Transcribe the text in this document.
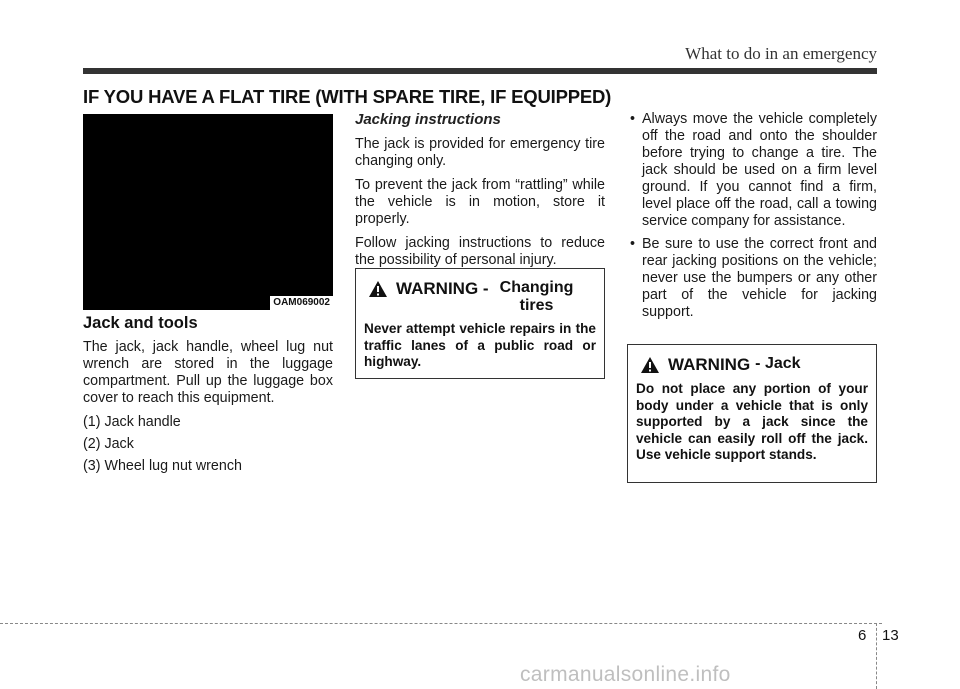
What to do in an emergency
IF YOU HAVE A FLAT TIRE (WITH SPARE TIRE, IF EQUIPPED)
OAM069002
Jack and tools

The jack, jack handle, wheel lug nut wrench are stored in the luggage compartment. Pull up the luggage box cover to reach this equipment.

(1) Jack handle
(2) Jack
(3) Wheel lug nut wrench
Jacking instructions

The jack is provided for emergency tire changing only.

To prevent the jack from “rattling” while the vehicle is in motion, store it properly.

Follow jacking instructions to reduce the possibility of personal injury.

WARNING - Changing tires
Never attempt vehicle repairs in the traffic lanes of a public road or highway.
• Always move the vehicle completely off the road and onto the shoulder before trying to change a tire. The jack should be used on a firm level ground. If you cannot find a firm, level place off the road, call a towing service company for assistance.
• Be sure to use the correct front and rear jacking positions on the vehicle; never use the bumpers or any other part of the vehicle for jacking support.
WARNING - Jack
Do not place any portion of your body under a vehicle that is only supported by a jack since the vehicle can easily roll off the jack. Use vehicle support stands.
6 13
carmanualsonline.info
